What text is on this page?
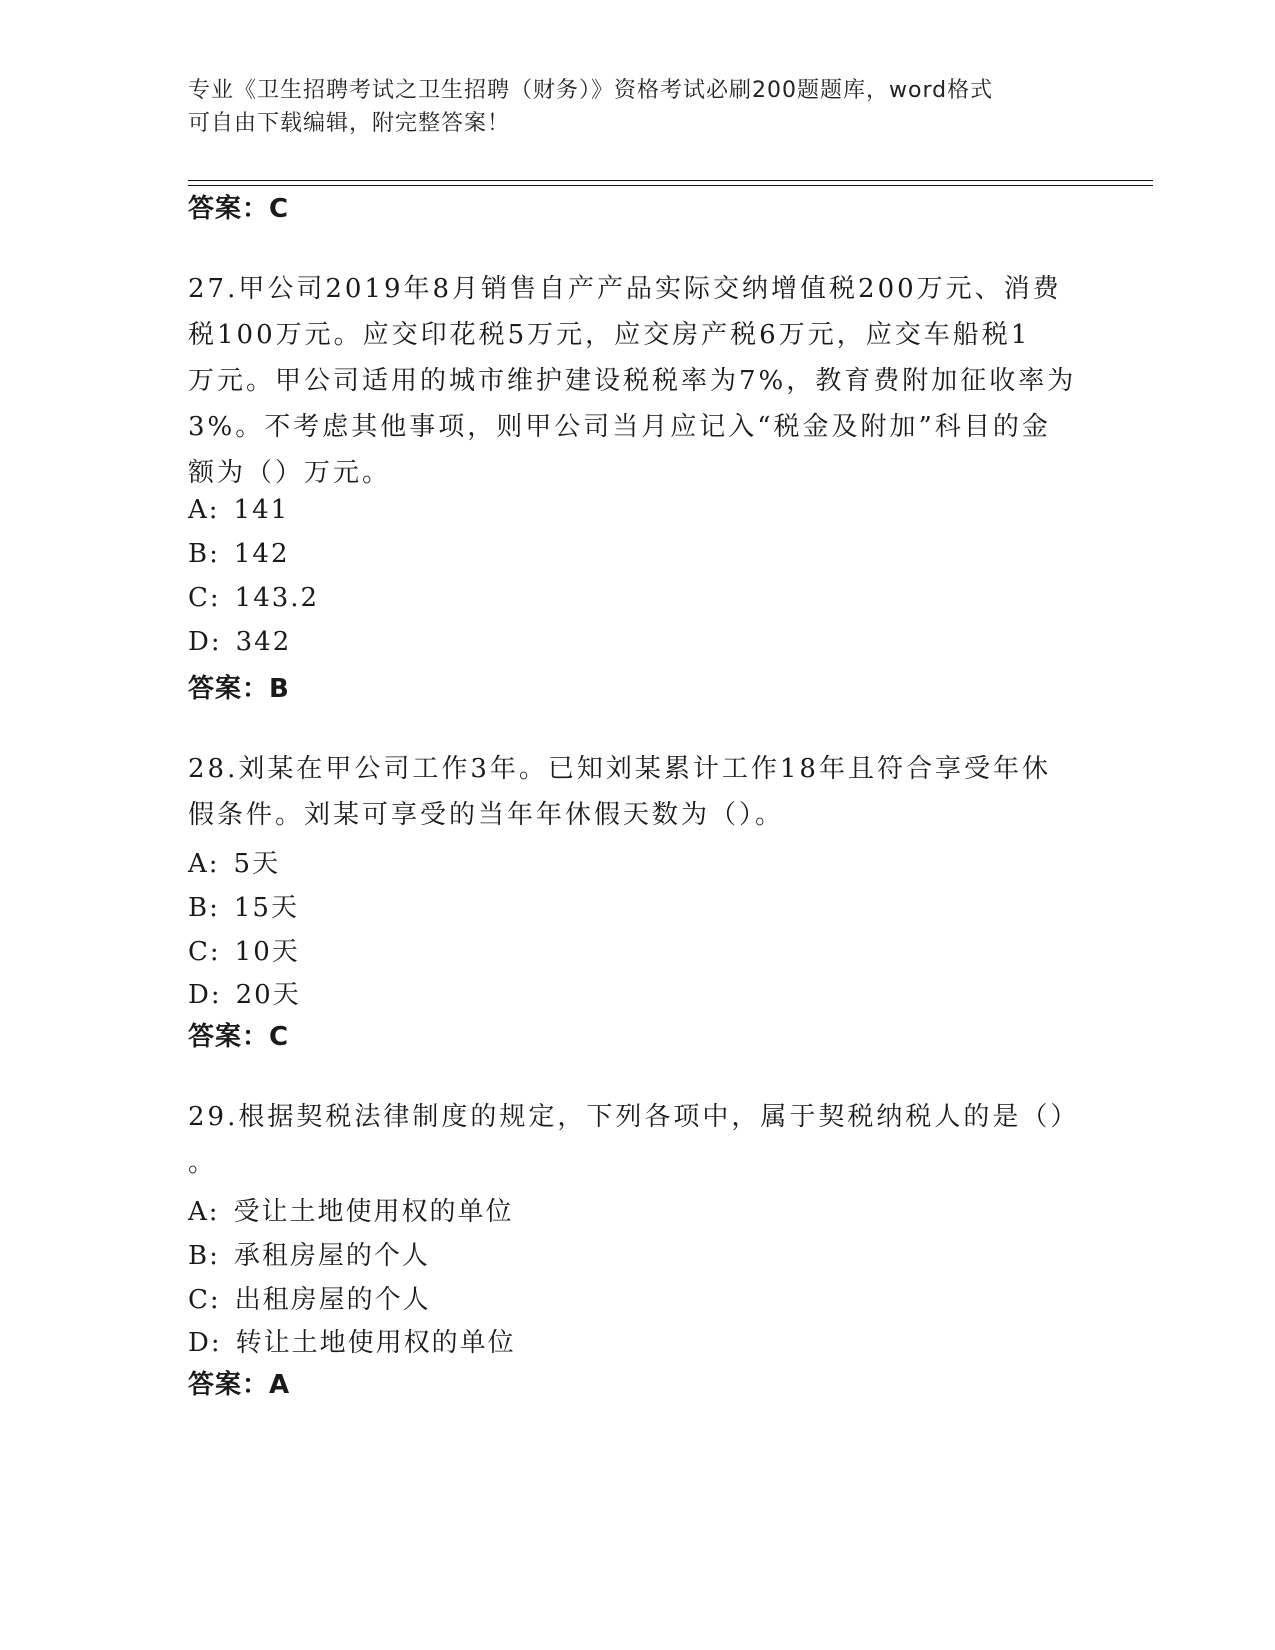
专业《卫生招聘考试之卫生招聘（财务）》资格考试必刷200题题库，word格式
可自由下载编辑，附完整答案！
答案：C
27.甲公司2019年8月销售自产产品实际交纳增值税200万元、消费
税100万元。应交印花税5万元，应交房产税6万元，应交车船税1
万元。甲公司适用的城市维护建设税税率为7%，教育费附加征收率为
3%。不考虑其他事项，则甲公司当月应记入“税金及附加”科目的金
额为（）万元。
A: 141
B: 142
C: 143.2
D: 342
答案：B
28.刘某在甲公司工作3年。已知刘某累计工作18年且符合享受年休
假条件。刘某可享受的当年年休假天数为（）。
A: 5天
B: 15天
C: 10天
D: 20天
答案：C
29.根据契税法律制度的规定，下列各项中，属于契税纳税人的是（）
。
A: 受让土地使用权的单位
B: 承租房屋的个人
C: 出租房屋的个人
D: 转让土地使用权的单位
答案：A
